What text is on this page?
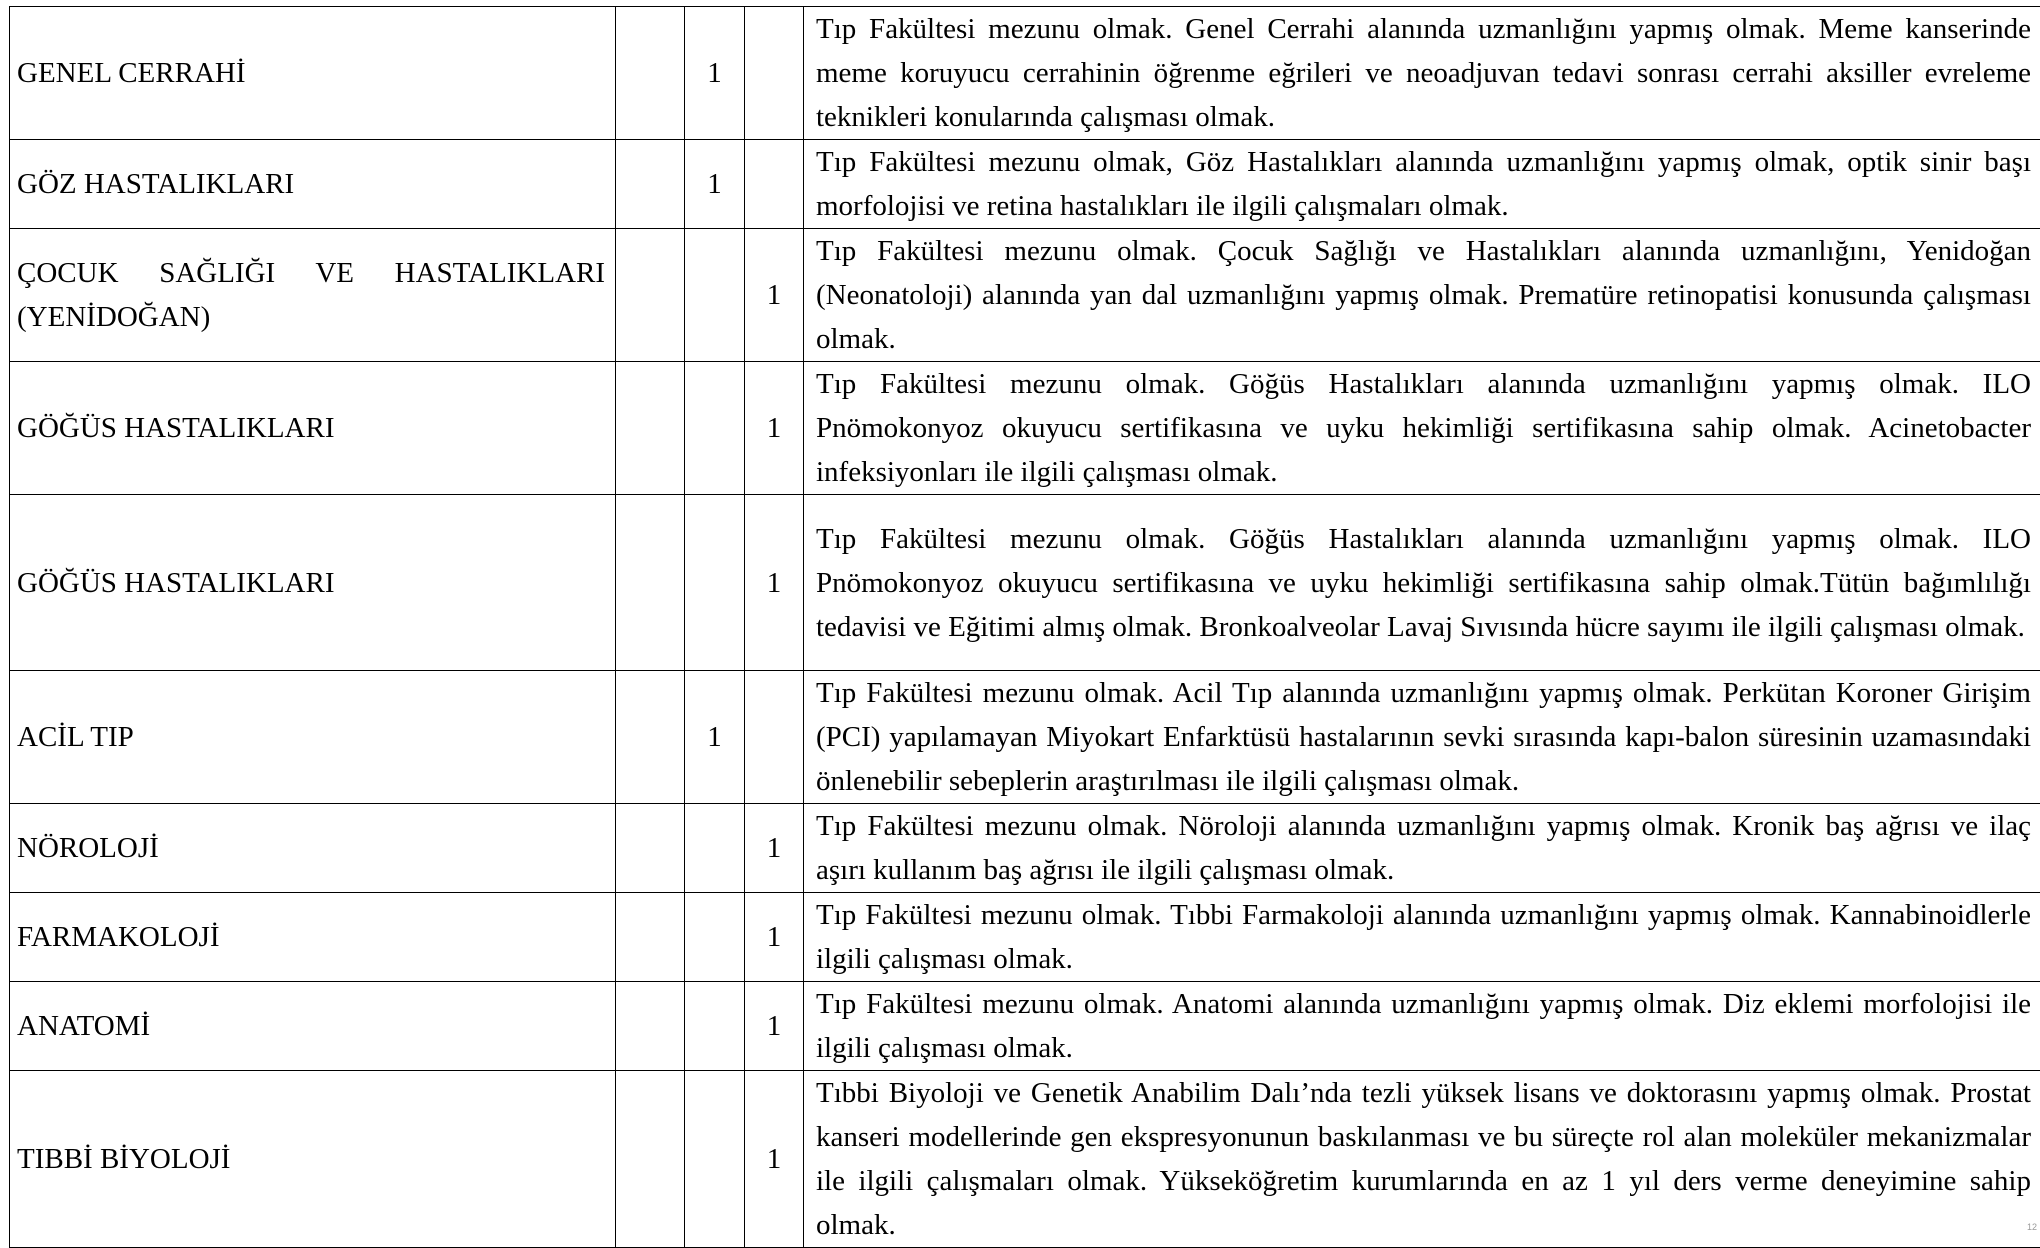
GENEL CERRAHİ		1		Tıp Fakültesi mezunu olmak. Genel Cerrahi alanında uzmanlığını yapmış olmak. Meme kanserinde meme koruyucu cerrahinin öğrenme eğrileri ve neoadjuvan tedavi sonrası cerrahi aksiller evreleme teknikleri konularında çalışması olmak.
GÖZ HASTALIKLARI		1		Tıp Fakültesi mezunu olmak, Göz Hastalıkları alanında uzmanlığını yapmış olmak, optik sinir başı morfolojisi ve retina hastalıkları ile ilgili çalışmaları olmak.
ÇOCUK SAĞLIĞI VE HASTALIKLARI (YENİDOĞAN)			1	Tıp Fakültesi mezunu olmak. Çocuk Sağlığı ve Hastalıkları alanında uzmanlığını, Yenidoğan (Neonatoloji) alanında yan dal uzmanlığını yapmış olmak. Prematüre retinopatisi konusunda çalışması olmak.
GÖĞÜS HASTALIKLARI			1	Tıp Fakültesi mezunu olmak. Göğüs Hastalıkları alanında uzmanlığını yapmış olmak. ILO Pnömokonyoz okuyucu sertifikasına ve uyku hekimliği sertifikasına sahip olmak. Acinetobacter infeksiyonları ile ilgili çalışması olmak.
GÖĞÜS HASTALIKLARI			1	Tıp Fakültesi mezunu olmak. Göğüs Hastalıkları alanında uzmanlığını yapmış olmak. ILO Pnömokonyoz okuyucu sertifikasına ve uyku hekimliği sertifikasına sahip olmak.Tütün bağımlılığı tedavisi ve Eğitimi almış olmak. Bronkoalveolar Lavaj Sıvısında hücre sayımı ile ilgili çalışması olmak.
ACİL TIP		1		Tıp Fakültesi mezunu olmak. Acil Tıp alanında uzmanlığını yapmış olmak. Perkütan Koroner Girişim (PCI) yapılamayan Miyokart Enfarktüsü hastalarının sevki sırasında kapı-balon süresinin uzamasındaki önlenebilir sebeplerin araştırılması ile ilgili çalışması olmak.
NÖROLOJİ			1	Tıp Fakültesi mezunu olmak. Nöroloji alanında uzmanlığını yapmış olmak. Kronik baş ağrısı ve ilaç aşırı kullanım baş ağrısı ile ilgili çalışması olmak.
FARMAKOLOJİ			1	Tıp Fakültesi mezunu olmak. Tıbbi Farmakoloji alanında uzmanlığını yapmış olmak. Kannabinoidlerle ilgili çalışması olmak.
ANATOMİ			1	Tıp Fakültesi mezunu olmak. Anatomi alanında uzmanlığını yapmış olmak. Diz eklemi morfolojisi ile ilgili çalışması olmak.
TIBBİ BİYOLOJİ			1	Tıbbi Biyoloji ve Genetik Anabilim Dalı’nda tezli yüksek lisans ve doktorasını yapmış olmak. Prostat kanseri modellerinde gen ekspresyonunun baskılanması ve bu süreçte rol alan moleküler mekanizmalar ile ilgili çalışmaları olmak. Yükseköğretim kurumlarında en az 1 yıl ders verme deneyimine sahip olmak.	12
